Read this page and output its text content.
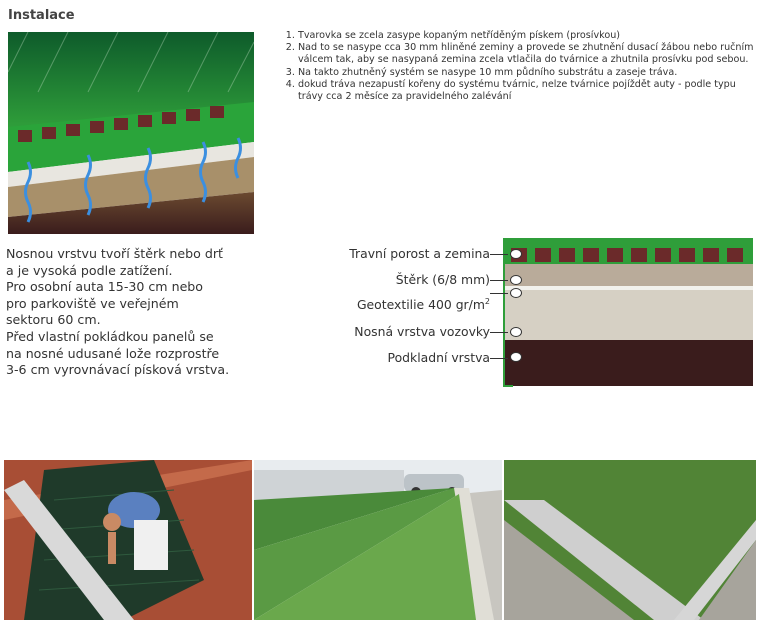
Instalace
1. Tvarovka se zcela zasype kopaným netříděným pískem (prosívkou)
2. Nad to se nasype cca 30 mm hliněné zeminy a provede se zhutnění dusací žábou nebo ručním válcem tak, aby se nasypaná zemina zcela vtlačila do tvárnice a zhutnila prosívku pod sebou.
3. Na takto zhutněný systém se nasype 10 mm půdního substrátu a zaseje tráva.
4. dokud tráva nezapustí kořeny do systému tvárnic, nelze tvárnice pojíždět auty - podle typu trávy cca 2 měsíce za pravidelného zalévání
Nosnou vrstvu tvoří štěrk nebo drť
a je vysoká podle zatížení.
Pro osobní auta 15-30 cm nebo
pro parkoviště ve veřejném
sektoru 60 cm.
Před vlastní pokládkou panelů se
na nosné udusané lože rozprostře
3-6 cm vyrovnávací písková vrstva.
Travní porost a zemina
Štěrk (6/8 mm)
Geotextilie 400 $gr/m^2$
Nosná vrstva vozovky
Podkladní vrstva
